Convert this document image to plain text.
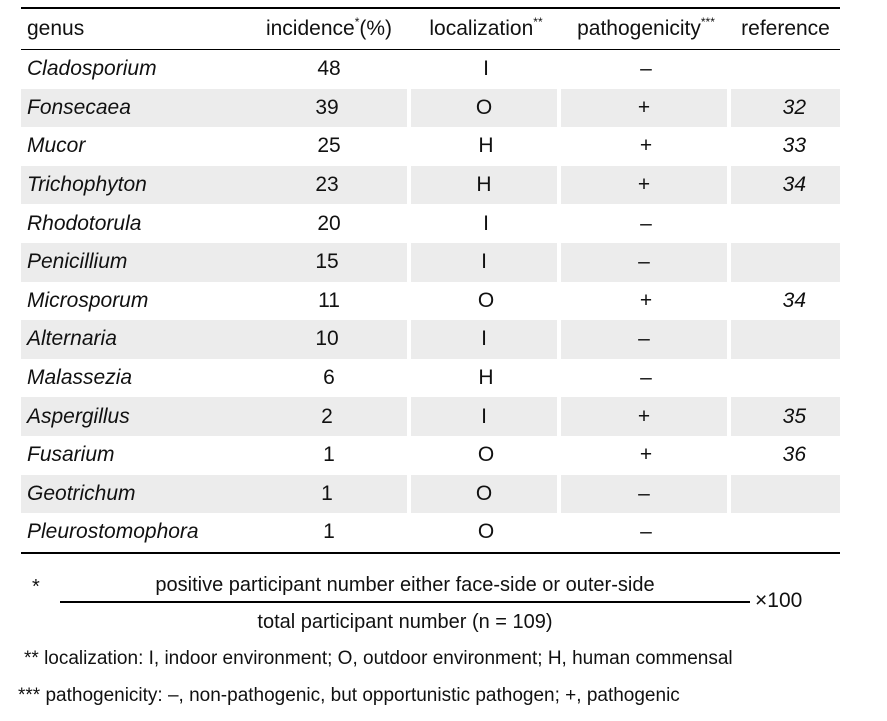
genus	incidence*(%)	localization**	pathogenicity***	reference
Cladosporium	48	I	–	
Fonsecaea	39	O	+	32
Mucor	25	H	+	33
Trichophyton	23	H	+	34
Rhodotorula	20	I	–	
Penicillium	15	I	–	
Microsporum	11	O	+	34
Alternaria	10	I	–	
Malassezia	6	H	–	
Aspergillus	2	I	+	35
Fusarium	1	O	+	36
Geotrichum	1	O	–	
Pleurostomophora	1	O	–	
*	positive participant number either face-side or outer-side
×100
total participant number (n = 109)
** localization: I, indoor environment; O, outdoor environment; H, human commensal
*** pathogenicity: –, non-pathogenic, but opportunistic pathogen; +, pathogenic
